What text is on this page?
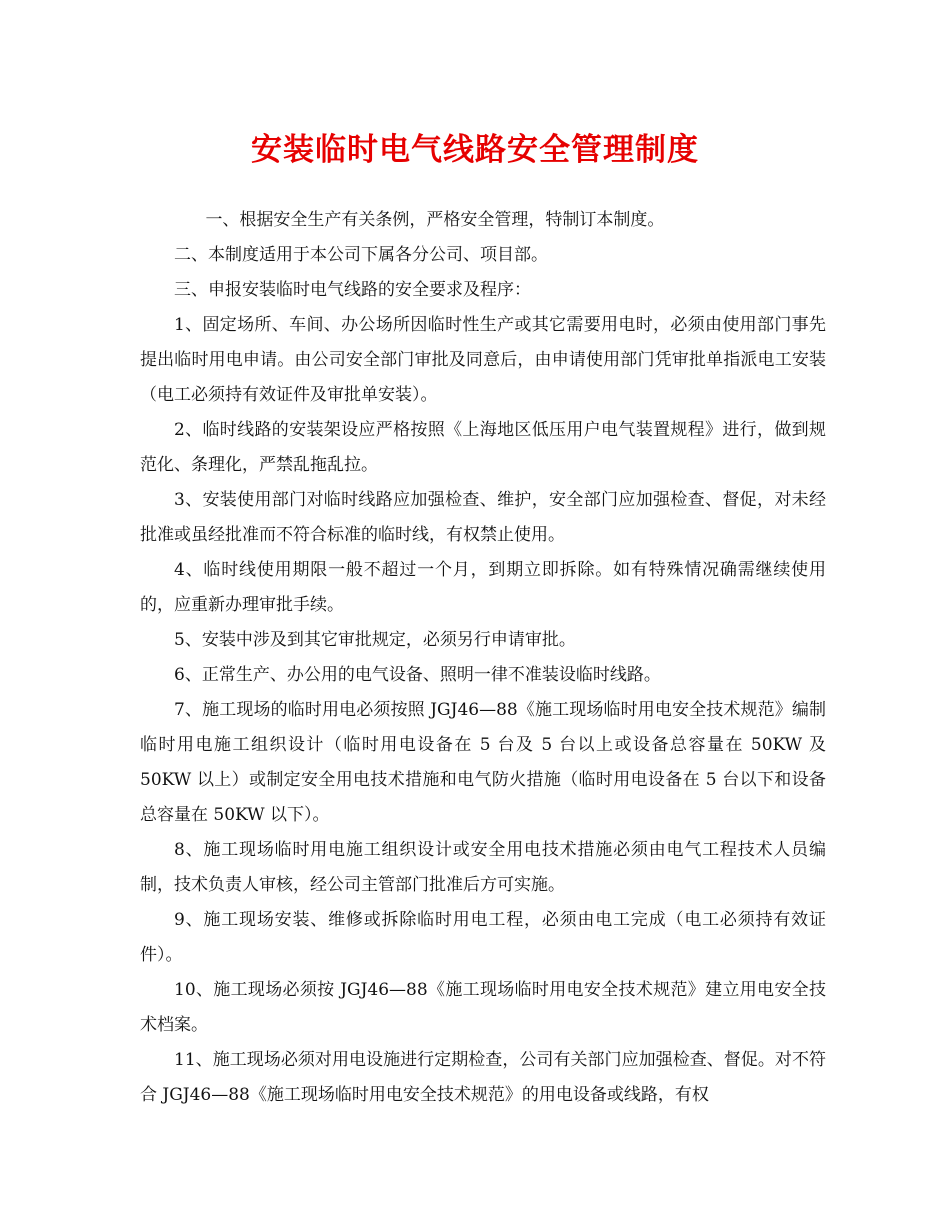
安装临时电气线路安全管理制度

一、根据安全生产有关条例，严格安全管理，特制订本制度。

二、本制度适用于本公司下属各分公司、项目部。

三、申报安装临时电气线路的安全要求及程序：

1、固定场所、车间、办公场所因临时性生产或其它需要用电时，必须由使用部门事先提出临时用电申请。由公司安全部门审批及同意后，由申请使用部门凭审批单指派电工安装（电工必须持有效证件及审批单安装）。

2、临时线路的安装架设应严格按照《上海地区低压用户电气装置规程》进行，做到规范化、条理化，严禁乱拖乱拉。

3、安装使用部门对临时线路应加强检查、维护，安全部门应加强检查、督促，对未经批准或虽经批准而不符合标准的临时线，有权禁止使用。

4、临时线使用期限一般不超过一个月，到期立即拆除。如有特殊情况确需继续使用的，应重新办理审批手续。

5、安装中涉及到其它审批规定，必须另行申请审批。

6、正常生产、办公用的电气设备、照明一律不准装设临时线路。

7、施工现场的临时用电必须按照 JGJ46—88《施工现场临时用电安全技术规范》编制临时用电施工组织设计（临时用电设备在 5 台及 5 台以上或设备总容量在 50KW 及 50KW 以上）或制定安全用电技术措施和电气防火措施（临时用电设备在 5 台以下和设备总容量在 50KW 以下）。

8、施工现场临时用电施工组织设计或安全用电技术措施必须由电气工程技术人员编制，技术负责人审核，经公司主管部门批准后方可实施。

9、施工现场安装、维修或拆除临时用电工程，必须由电工完成（电工必须持有效证件）。

10、施工现场必须按 JGJ46—88《施工现场临时用电安全技术规范》建立用电安全技术档案。

11、施工现场必须对用电设施进行定期检查，公司有关部门应加强检查、督促。对不符合 JGJ46—88《施工现场临时用电安全技术规范》的用电设备或线路，有权
